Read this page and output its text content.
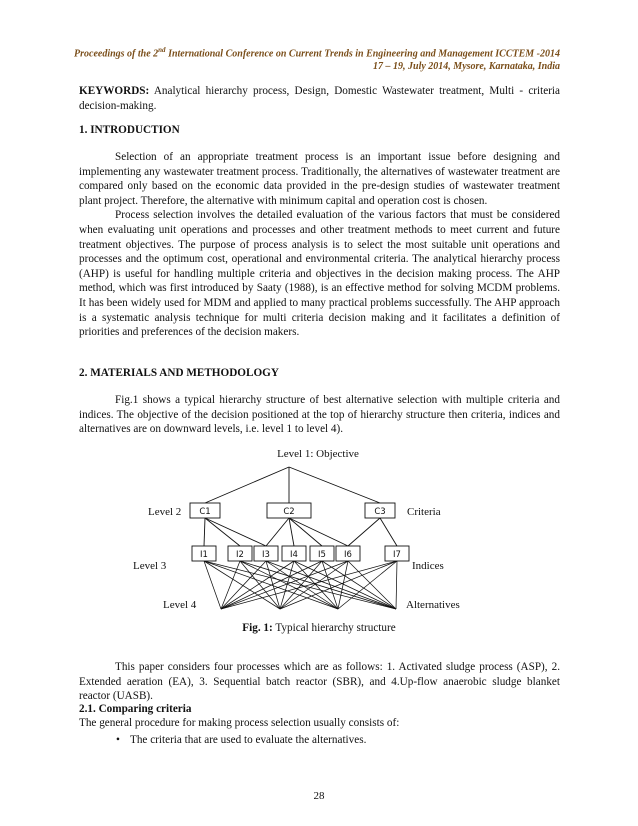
Proceedings of the 2nd International Conference on Current Trends in Engineering and Management ICCTEM -2014
17 – 19, July 2014, Mysore, Karnataka, India

KEYWORDS: Analytical hierarchy process, Design, Domestic Wastewater treatment, Multi - criteria decision-making.

1. INTRODUCTION

Selection of an appropriate treatment process is an important issue before designing and implementing any wastewater treatment process. Traditionally, the alternatives of wastewater treatment are compared only based on the economic data provided in the pre-design studies of wastewater treatment plant project. Therefore, the alternative with minimum capital and operation cost is chosen.

Process selection involves the detailed evaluation of the various factors that must be considered when evaluating unit operations and processes and other treatment methods to meet current and future treatment objectives. The purpose of process analysis is to select the most suitable unit operations and processes and the optimum cost, operational and environmental criteria. The analytical hierarchy process (AHP) is useful for handling multiple criteria and objectives in the decision making process. The AHP method, which was first introduced by Saaty (1988), is an effective method for solving MCDM problems. It has been widely used for MDM and applied to many practical problems successfully. The AHP approach is a systematic analysis technique for multi criteria decision making and it facilitates a definition of priorities and preferences of the decision makers.

2. MATERIALS AND METHODOLOGY

Fig.1 shows a typical hierarchy structure of best alternative selection with multiple criteria and indices. The objective of the decision positioned at the top of hierarchy structure then criteria, indices and alternatives are on downward levels, i.e. level 1 to level 4).

Level 1: Objective
C1	C2	C3
I1	I2 I3 I4 I5 I6	I7
Level 2	Criteria
Level 3	Indices
Level 4	Alternatives
Fig. 1: Typical hierarchy structure

This paper considers four processes which are as follows: 1. Activated sludge process (ASP), 2. Extended aeration (EA), 3. Sequential batch reactor (SBR), and 4.Up-flow anaerobic sludge blanket reactor (UASB).

2.1. Comparing criteria
The general procedure for making process selection usually consists of:
• The criteria that are used to evaluate the alternatives.
28
